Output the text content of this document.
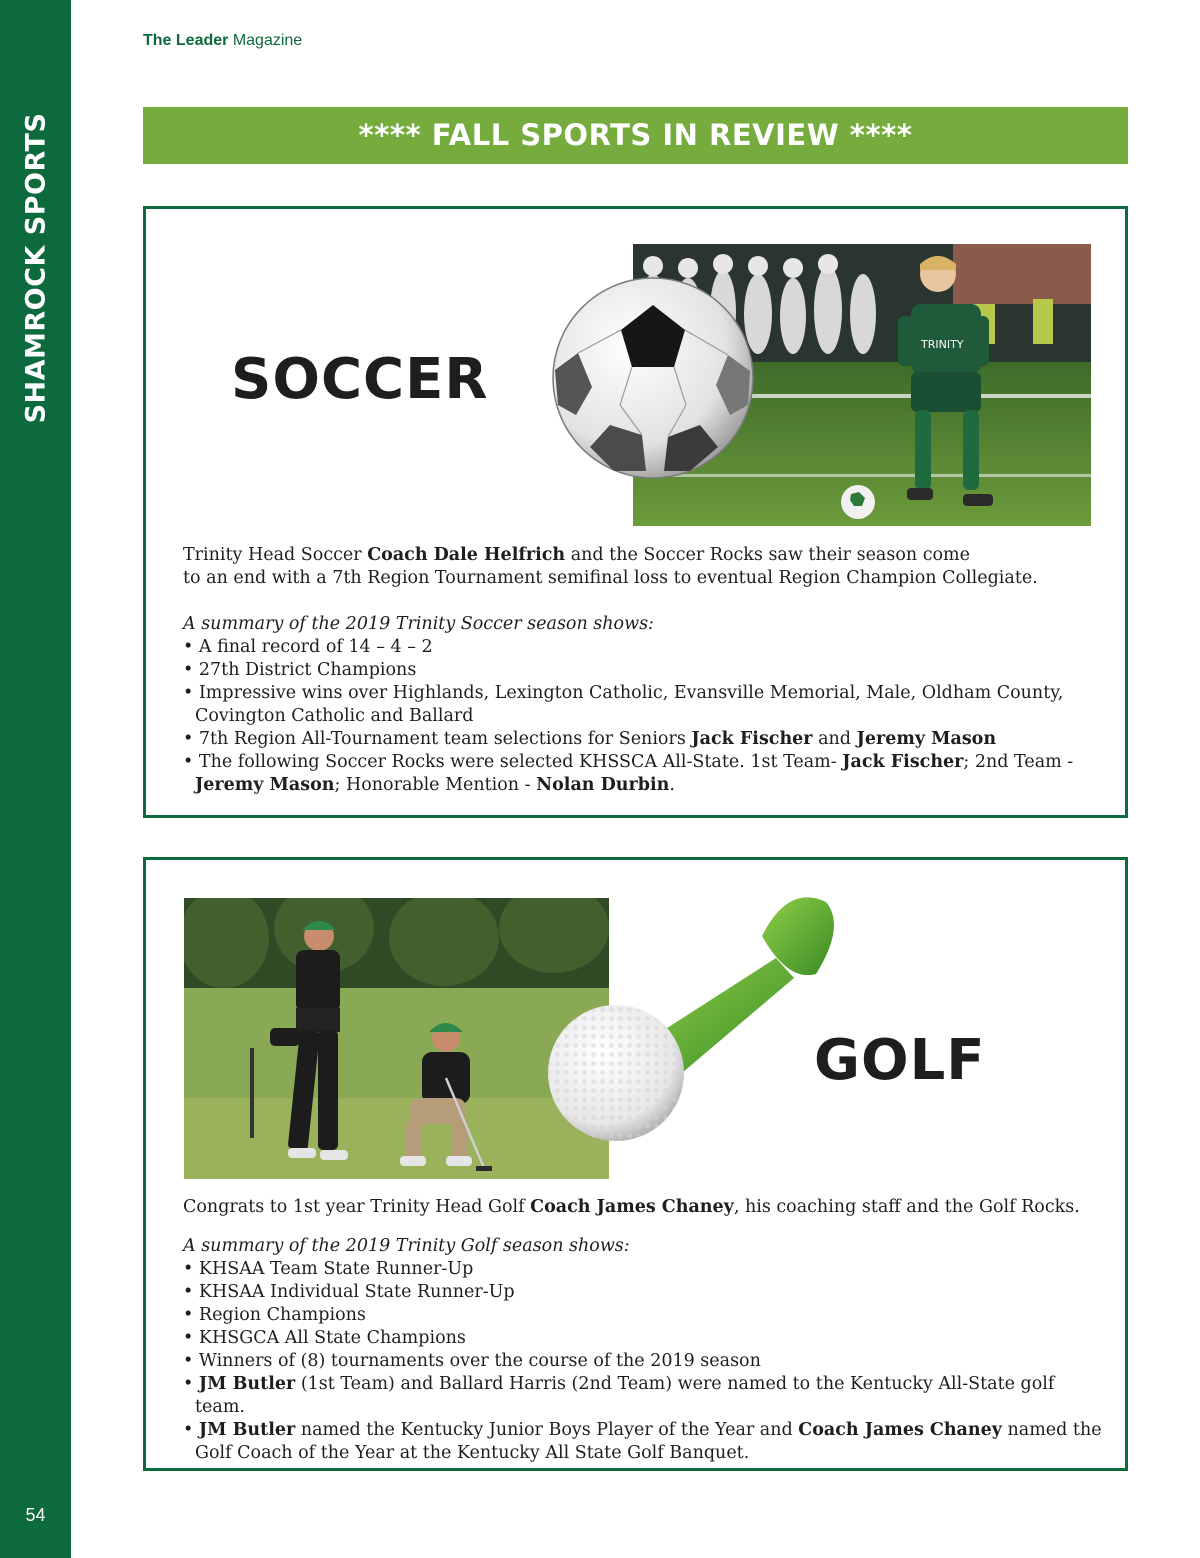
SHAMROCK SPORTS
54
The Leader Magazine
**** FALL SPORTS IN REVIEW ****
TRINITY
SOCCER

Trinity Head Soccer Coach Dale Helfrich and the Soccer Rocks saw their season come

to an end with a 7th Region Tournament semifinal loss to eventual Region Champion Collegiate.

A summary of the 2019 Trinity Soccer season shows:

• A final record of 14 – 4 – 2
• 27th District Champions
• Impressive wins over Highlands, Lexington Catholic, Evansville Memorial, Male, Oldham County, Covington Catholic and Ballard
• 7th Region All-Tournament team selections for Seniors Jack Fischer and Jeremy Mason
• The following Soccer Rocks were selected KHSSCA All-State. 1st Team- Jack Fischer; 2nd Team - Jeremy Mason; Honorable Mention - Nolan Durbin.
GOLF

Congrats to 1st year Trinity Head Golf Coach James Chaney, his coaching staff and the Golf Rocks.

A summary of the 2019 Trinity Golf season shows:

• KHSAA Team State Runner-Up
• KHSAA Individual State Runner-Up
• Region Champions
• KHSGCA All State Champions
• Winners of (8) tournaments over the course of the 2019 season
• JM Butler (1st Team) and Ballard Harris (2nd Team) were named to the Kentucky All-State golf team.
• JM Butler named the Kentucky Junior Boys Player of the Year and Coach James Chaney named the Golf Coach of the Year at the Kentucky All State Golf Banquet.
